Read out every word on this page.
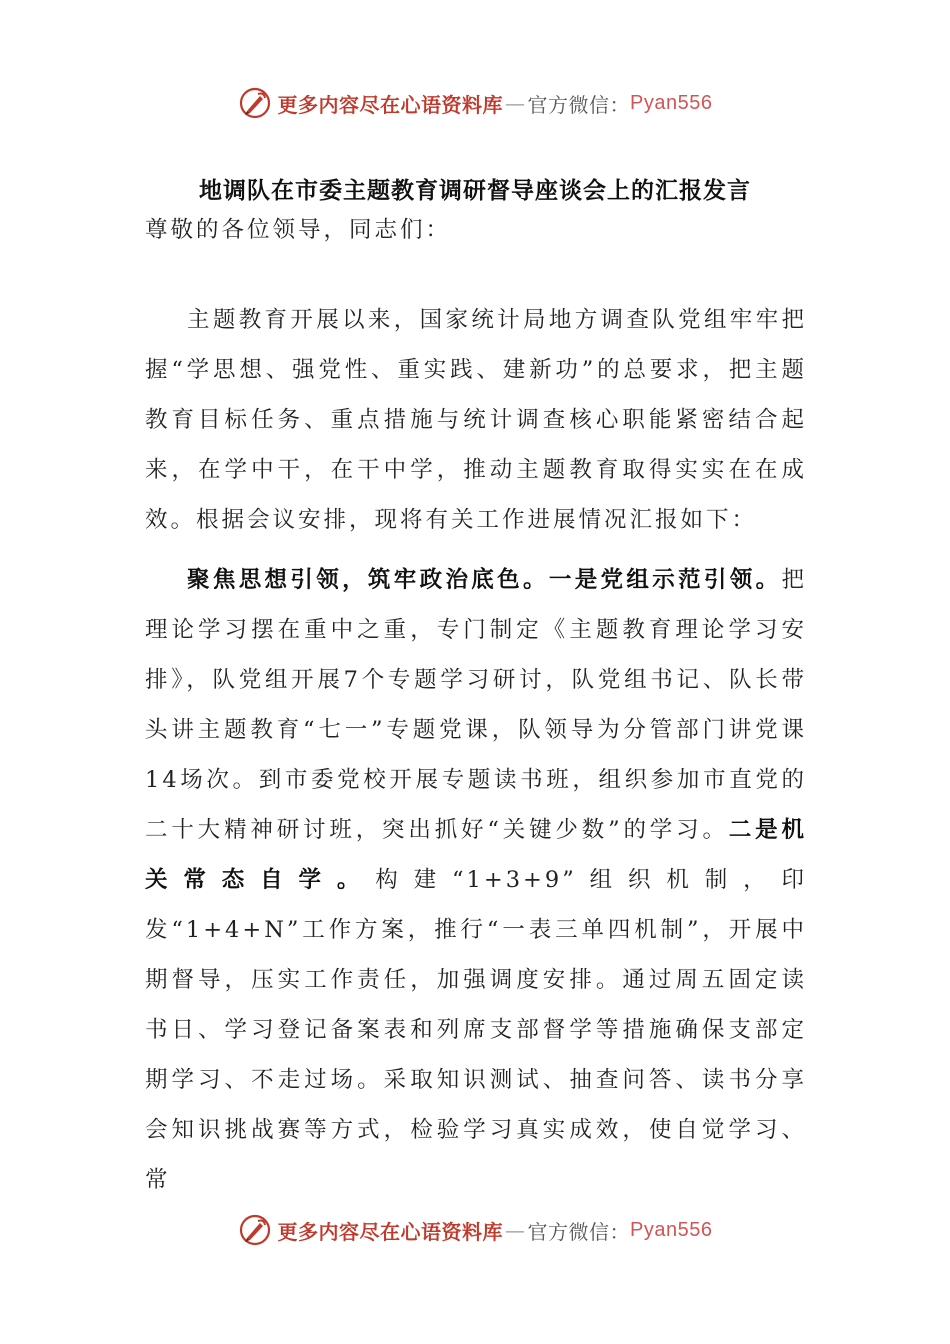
更多内容尽在心语资料库 — 官方微信： Pyan556
地调队在市委主题教育调研督导座谈会上的汇报发言

尊敬的各位领导，同志们：

主题教育开展以来，国家统计局地方调查队党组牢牢把握“学思想、强党性、重实践、建新功”的总要求，把主题教育目标任务、重点措施与统计调查核心职能紧密结合起来，在学中干，在干中学，推动主题教育取得实实在在成效。根据会议安排，现将有关工作进展情况汇报如下：

聚焦思想引领，筑牢政治底色。一是党组示范引领。把理论学习摆在重中之重，专门制定《主题教育理论学习安排》，队党组开展7个专题学习研讨，队党组书记、队长带头讲主题教育“七一”专题党课，队领导为分管部门讲党课14场次。到市委党校开展专题读书班，组织参加市直党的二十大精神研讨班，突出抓好“关键少数”的学习。二是机关常态自学。构建“1+3+9”组织机制，印发“1+4+N”工作方案，推行“一表三单四机制”，开展中期督导，压实工作责任，加强调度安排。通过周五固定读书日、学习登记备案表和列席支部督学等措施确保支部定期学习、不走过场。采取知识测试、抽查问答、读书分享会知识挑战赛等方式，检验学习真实成效，使自觉学习、常

更多内容尽在心语资料库 — 官方微信： Pyan556
